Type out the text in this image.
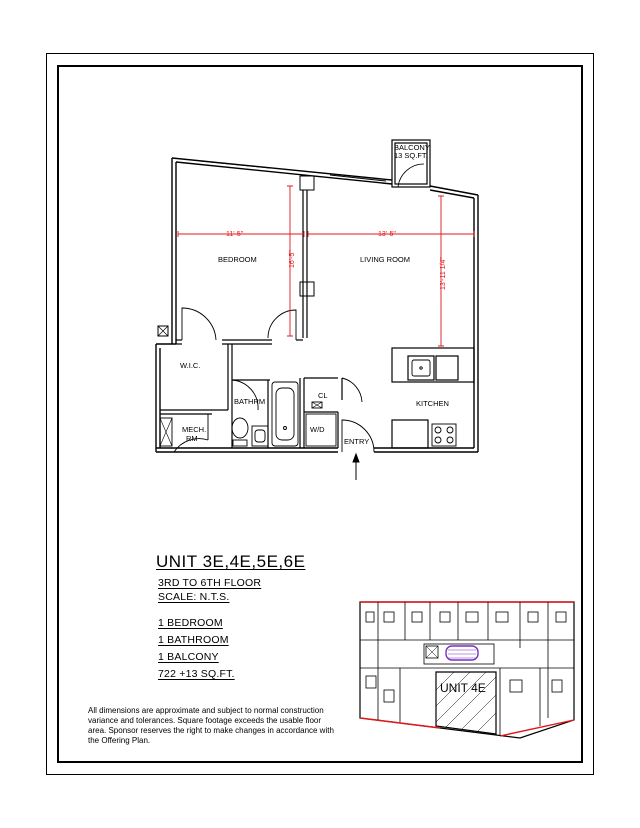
11'-5"	13'-5"
16'-5"	13'-11 1/4"
BALCONY
13 SQ.FT.
BEDROOM	LIVING ROOM
W.I.C.
BATHRM
CL
W/D
KITCHEN
MECH.
RM	ENTRY
UNIT 4E
UNIT 3E,4E,5E,6E
3RD TO 6TH FLOOR
SCALE: N.T.S.
1 BEDROOM
1 BATHROOM
1 BALCONY
722 +13 SQ.FT.
All dimensions are approximate and subject to normal construction variance and tolerances. Square footage exceeds the usable floor area. Sponsor reserves the right to make changes in accordance with the Offering Plan.
